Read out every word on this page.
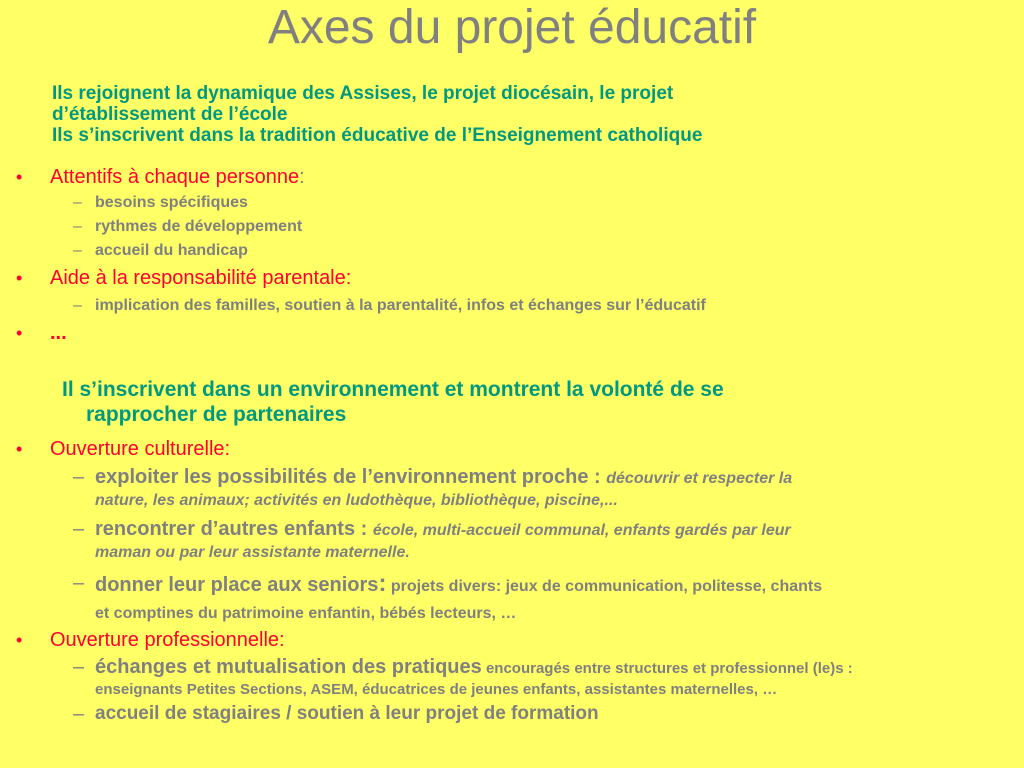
Axes du projet éducatif
Ils rejoignent la dynamique des Assises, le projet diocésain, le projet
d’établissement de l’école
Ils s’inscrivent dans la tradition éducative de l’Enseignement catholique
• Attentifs à chaque personne:
– besoins spécifiques
– rythmes de développement
– accueil du handicap
• Aide à la responsabilité parentale:
– implication des familles, soutien à la parentalité, infos et échanges sur l’éducatif
• ...
Il s’inscrivent dans un environnement et montrent la volonté de se
rapprocher de partenaires
• Ouverture culturelle:
– exploiter les possibilités de l’environnement proche : découvrir et respecter la
nature, les animaux; activités en ludothèque, bibliothèque, piscine,...
– rencontrer d’autres enfants : école, multi-accueil communal, enfants gardés par leur
maman ou par leur assistante maternelle.
– donner leur place aux seniors: projets divers: jeux de communication, politesse, chants
et comptines du patrimoine enfantin, bébés lecteurs, …
• Ouverture professionnelle:
– échanges et mutualisation des pratiques encouragés entre structures et professionnel (le)s :
enseignants Petites Sections, ASEM, éducatrices de jeunes enfants, assistantes maternelles, …
– accueil de stagiaires / soutien à leur projet de formation
